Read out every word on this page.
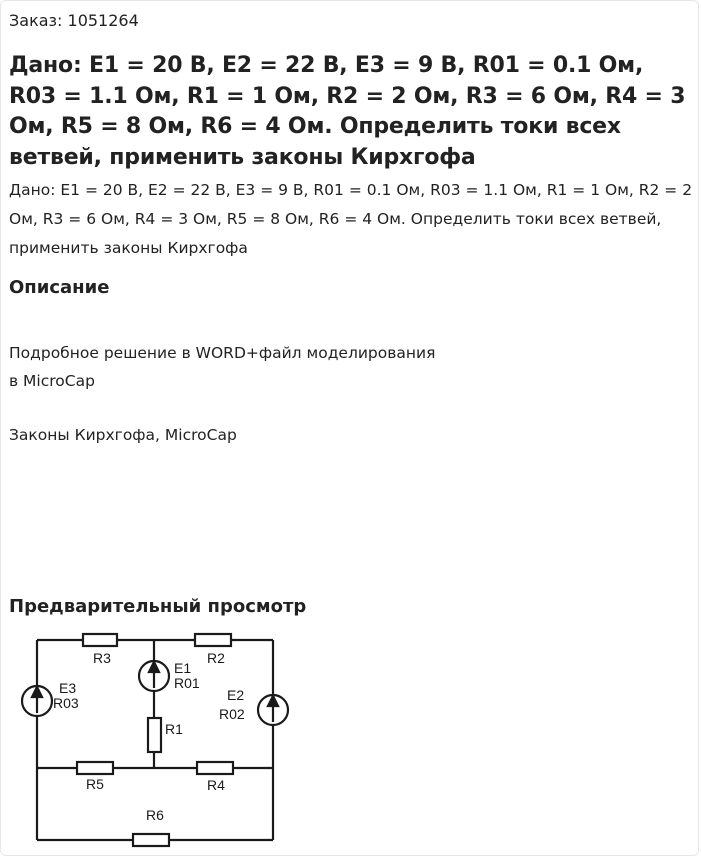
Заказ: 1051264
Дано: Е1 = 20 В, Е2 = 22 В, Е3 = 9 В, R01 = 0.1 Ом, R03 = 1.1 Ом, R1 = 1 Ом, R2 = 2 Ом, R3 = 6 Ом, R4 = 3 Ом, R5 = 8 Ом, R6 = 4 Ом. Определить токи всех ветвей, применить законы Кирхгофа
Дано: Е1 = 20 В, Е2 = 22 В, Е3 = 9 В, R01 = 0.1 Ом, R03 = 1.1 Ом, R1 = 1 Ом, R2 = 2 Ом, R3 = 6 Ом, R4 = 3 Ом, R5 = 8 Ом, R6 = 4 Ом. Определить токи всех ветвей, применить законы Кирхгофа
Описание
Подробное решение в WORD+файл моделирования
в MicroCap
Законы Кирхгофа, MicroCap
Предварительный просмотр
R3	R2
E1
R01
E3
R03	E2
R02
R1
R5	R4
R6
